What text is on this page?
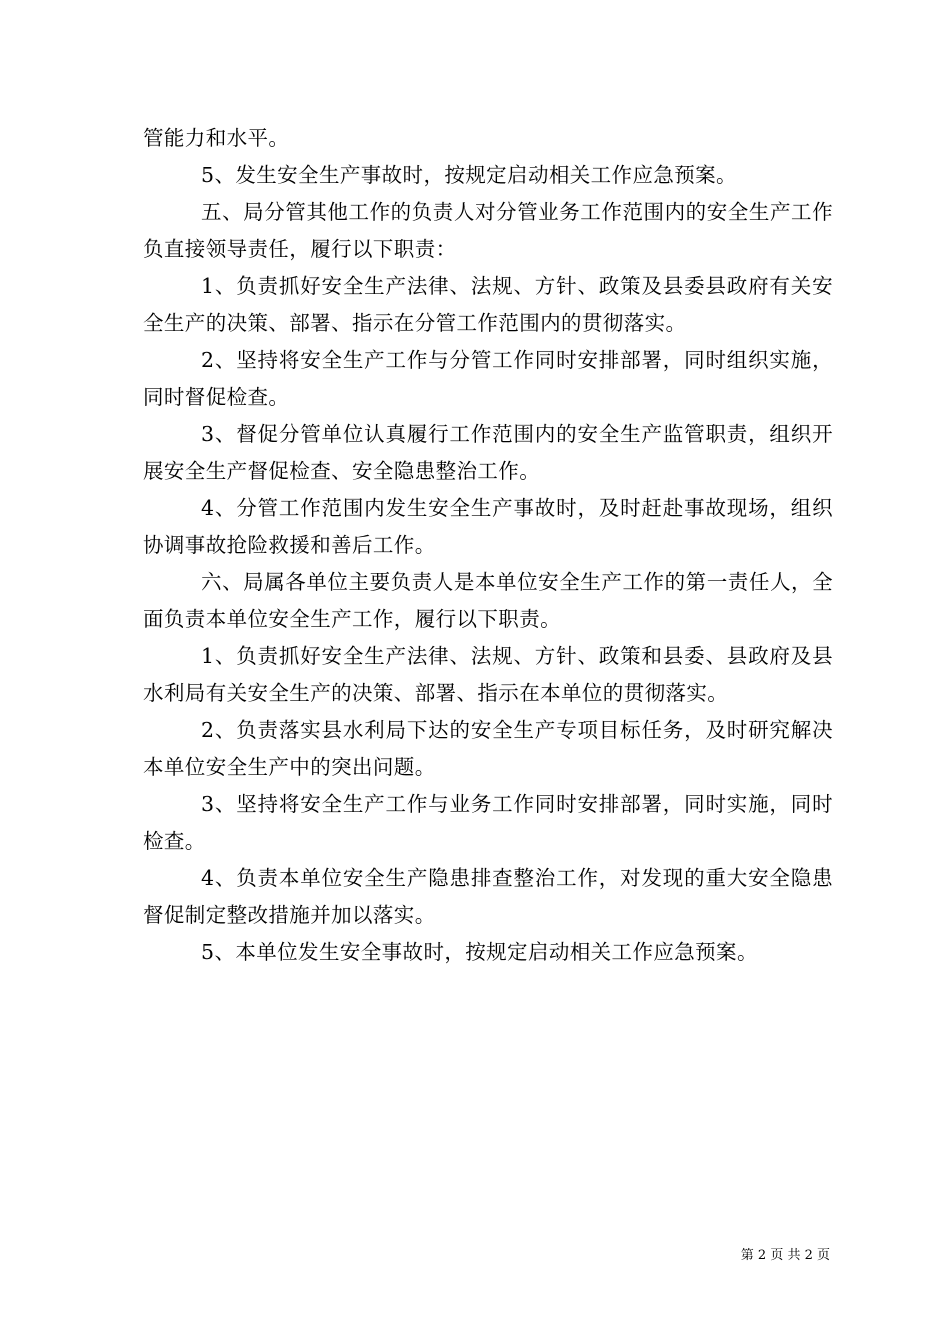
管能力和水平。

5、发生安全生产事故时，按规定启动相关工作应急预案。

五、局分管其他工作的负责人对分管业务工作范围内的安全生产工作负直接领导责任，履行以下职责：

1、负责抓好安全生产法律、法规、方针、政策及县委县政府有关安全生产的决策、部署、指示在分管工作范围内的贯彻落实。

2、坚持将安全生产工作与分管工作同时安排部署，同时组织实施，同时督促检查。

3、督促分管单位认真履行工作范围内的安全生产监管职责，组织开展安全生产督促检查、安全隐患整治工作。

4、分管工作范围内发生安全生产事故时，及时赶赴事故现场，组织协调事故抢险救援和善后工作。

六、局属各单位主要负责人是本单位安全生产工作的第一责任人，全面负责本单位安全生产工作，履行以下职责。

1、负责抓好安全生产法律、法规、方针、政策和县委、县政府及县水利局有关安全生产的决策、部署、指示在本单位的贯彻落实。

2、负责落实县水利局下达的安全生产专项目标任务，及时研究解决本单位安全生产中的突出问题。

3、坚持将安全生产工作与业务工作同时安排部署，同时实施，同时检查。

4、负责本单位安全生产隐患排查整治工作，对发现的重大安全隐患督促制定整改措施并加以落实。

5、本单位发生安全事故时，按规定启动相关工作应急预案。

第 2 页 共 2 页
